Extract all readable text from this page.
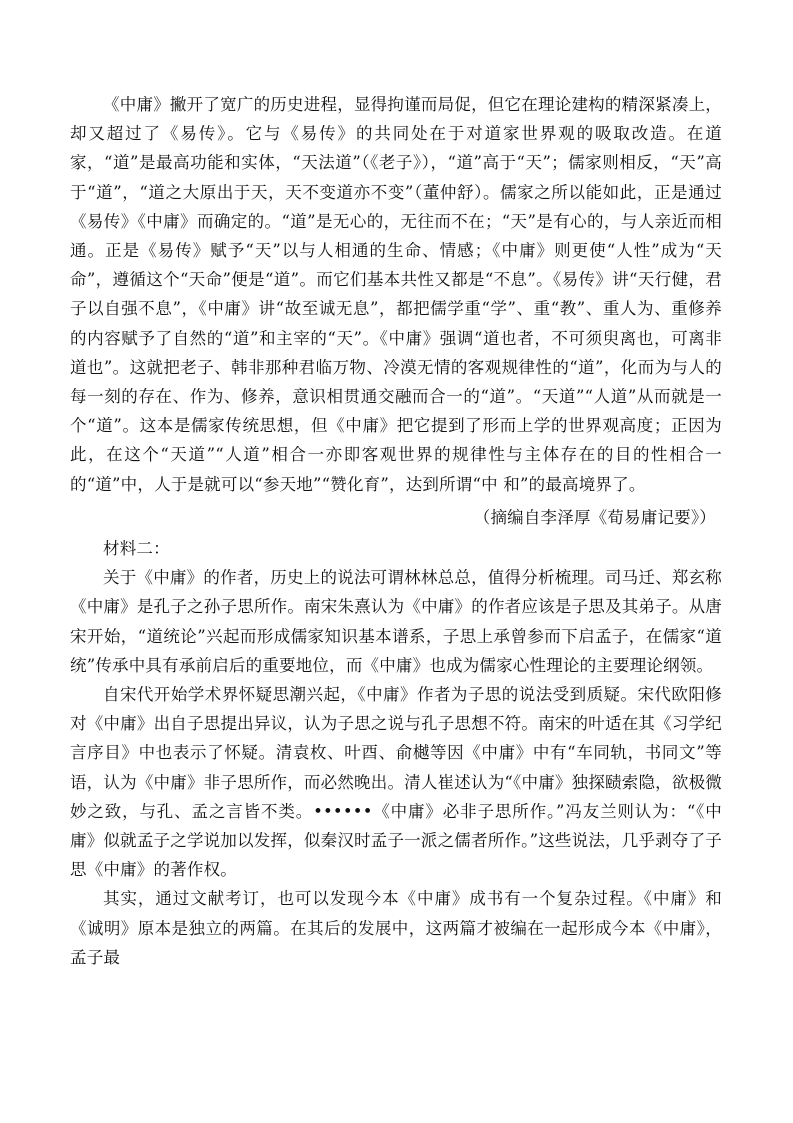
《中庸》撇开了宽广的历史进程，显得拘谨而局促，但它在理论建构的精深紧凑上，却又超过了《易传》。它与《易传》的共同处在于对道家世界观的吸取改造。在道家，“道”是最高功能和实体，“天法道”（《老子》），“道”高于“天”；儒家则相反，“天”高于“道”，“道之大原出于天，天不变道亦不变”（董仲舒）。儒家之所以能如此，正是通过《易传》《中庸》而确定的。“道”是无心的，无往而不在；“天”是有心的，与人亲近而相通。正是《易传》赋予“天”以与人相通的生命、情感；《中庸》则更使“人性”成为“天命”，遵循这个“天命”便是“道”。而它们基本共性又都是“不息”。《易传》讲“天行健，君子以自强不息”，《中庸》讲“故至诚无息”，都把儒学重“学”、重“教”、重人为、重修养的内容赋予了自然的“道”和主宰的“天”。《中庸》强调“道也者，不可须臾离也，可离非道也”。这就把老子、韩非那种君临万物、冷漠无情的客观规律性的“道”，化而为与人的每一刻的存在、作为、修养，意识相贯通交融而合一的“道”。“天道”“人道”从而就是一个“道”。这本是儒家传统思想，但《中庸》把它提到了形而上学的世界观高度；正因为此，在这个“天道”“人道”相合一亦即客观世界的规律性与主体存在的目的性相合一的“道”中，人于是就可以“参天地”“赞化育”，达到所谓“中 和”的最高境界了。

（摘编自李泽厚《荀易庸记要》）

材料二：

关于《中庸》的作者，历史上的说法可谓林林总总，值得分析梳理。司马迁、郑玄称《中庸》是孔子之孙子思所作。南宋朱熹认为《中庸》的作者应该是子思及其弟子。从唐宋开始，“道统论”兴起而形成儒家知识基本谱系，子思上承曾参而下启孟子，在儒家“道统”传承中具有承前启后的重要地位，而《中庸》也成为儒家心性理论的主要理论纲领。

自宋代开始学术界怀疑思潮兴起，《中庸》作者为子思的说法受到质疑。宋代欧阳修对《中庸》出自子思提出异议，认为子思之说与孔子思想不符。南宋的叶适在其《习学纪言序目》中也表示了怀疑。清袁枚、叶酉、俞樾等因《中庸》中有“车同轨，书同文”等语，认为《中庸》非子思所作，而必然晚出。清人崔述认为“《中庸》独探赜索隐，欲极微妙之致，与孔、孟之言皆不类。••••••《中庸》必非子思所作。”冯友兰则认为：“《中庸》似就孟子之学说加以发挥，似秦汉时孟子一派之儒者所作。”这些说法，几乎剥夺了子思《中庸》的著作权。

其实，通过文献考订，也可以发现今本《中庸》成书有一个复杂过程。《中庸》和《诚明》原本是独立的两篇。在其后的发展中，这两篇才被编在一起形成今本《中庸》，孟子最
